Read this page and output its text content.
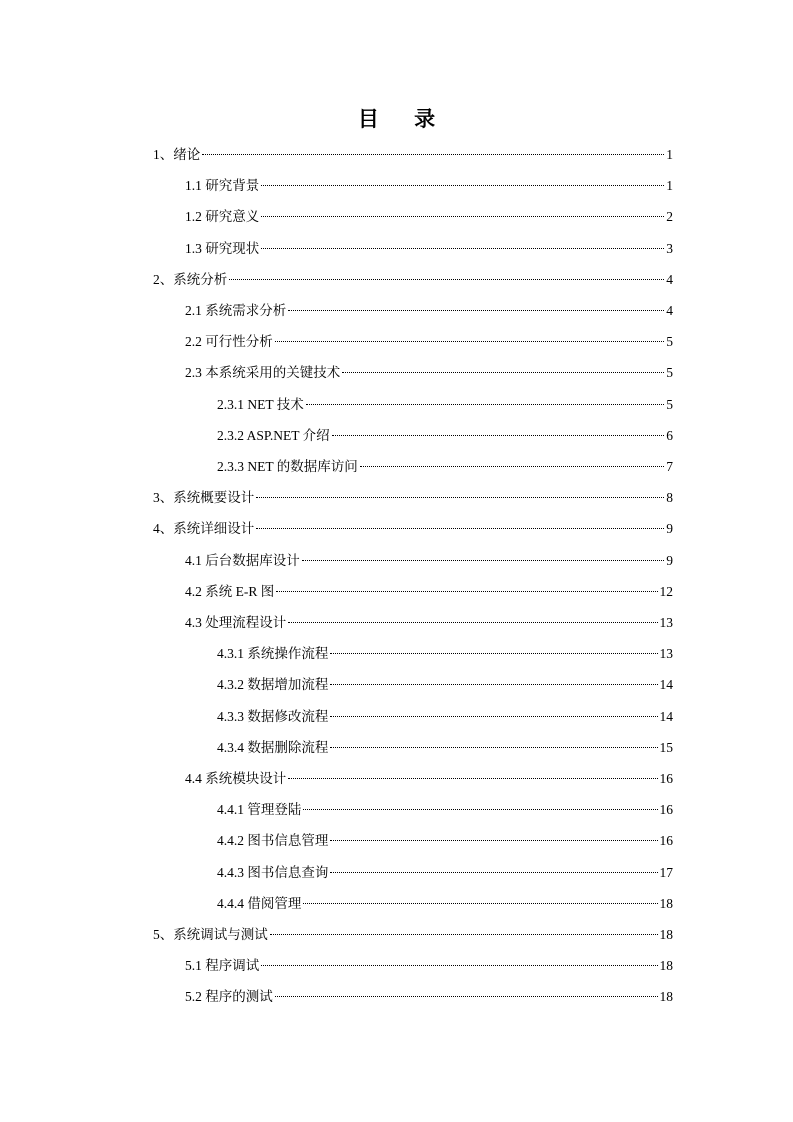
目 录
1、绪论	1
1.1 研究背景	1
1.2 研究意义	2
1.3 研究现状	3
2、系统分析	4
2.1 系统需求分析	4
2.2 可行性分析	5
2.3 本系统采用的关键技术	5
2.3.1 NET 技术	5
2.3.2 ASP.NET 介绍	6
2.3.3 NET 的数据库访问	7
3、系统概要设计	8
4、系统详细设计	9
4.1 后台数据库设计	9
4.2 系统 E-R 图	12
4.3 处理流程设计	13
4.3.1 系统操作流程	13
4.3.2 数据增加流程	14
4.3.3 数据修改流程	14
4.3.4 数据删除流程	15
4.4 系统模块设计	16
4.4.1 管理登陆	16
4.4.2 图书信息管理	16
4.4.3 图书信息查询	17
4.4.4 借阅管理	18
5、系统调试与测试	18
5.1 程序调试	18
5.2 程序的测试	18
